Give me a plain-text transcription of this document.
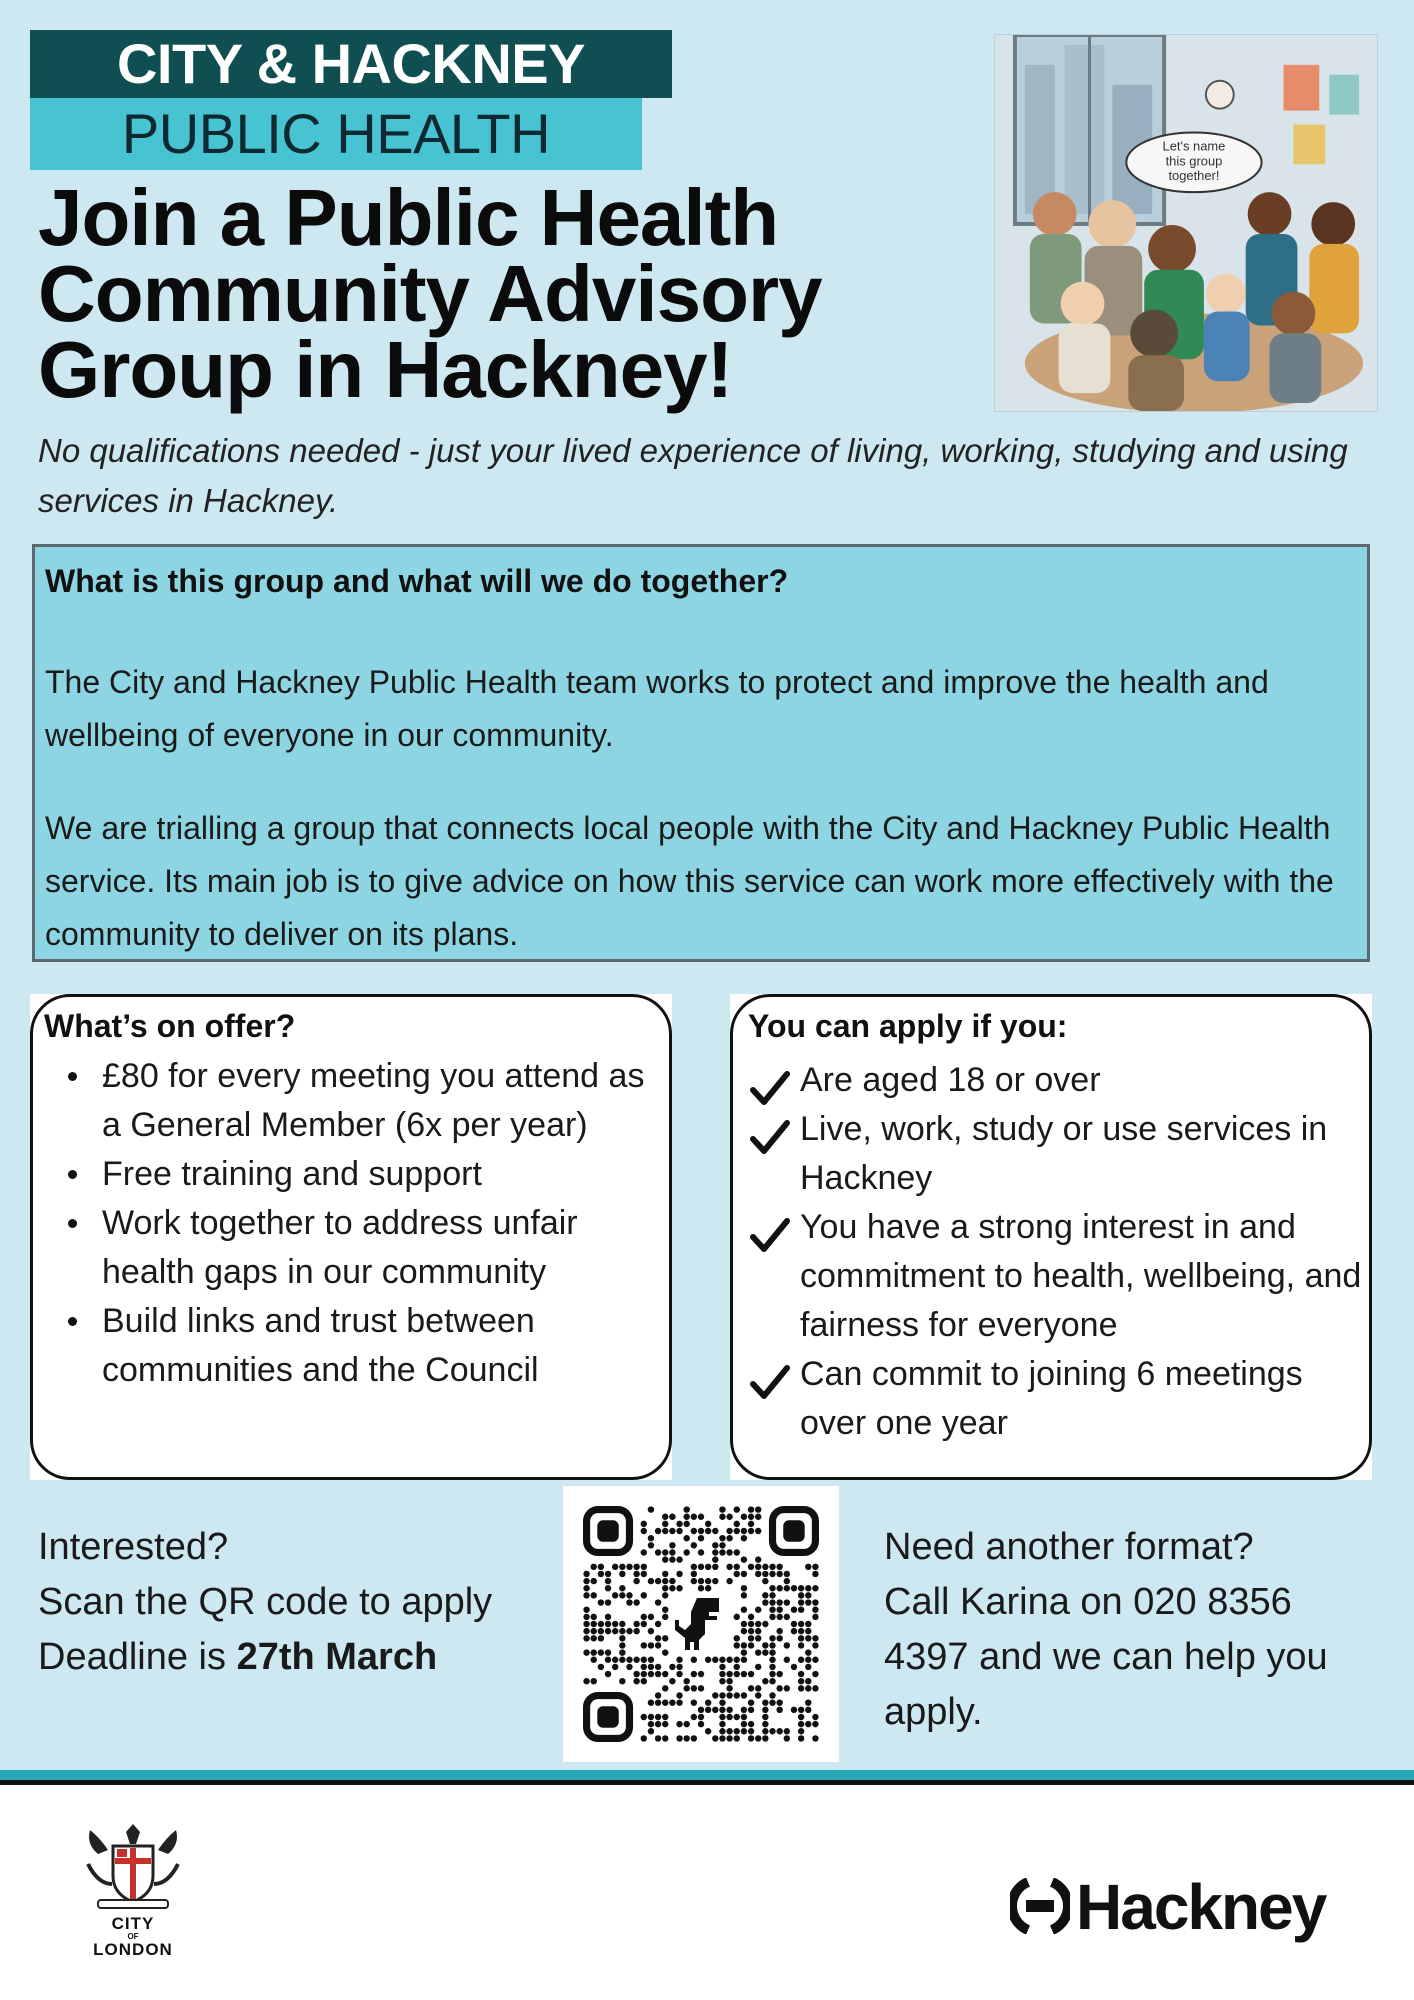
CITY & HACKNEY
PUBLIC HEALTH
Join a Public Health Community Advisory Group in Hackney!
Let's name
this group
together!

No qualifications needed - just your lived experience of living, working, studying and using services in Hackney.

What is this group and what will we do together?

The City and Hackney Public Health team works to protect and improve the health and wellbeing of everyone in our community.

We are trialling a group that connects local people with the City and Hackney Public Health service. Its main job is to give advice on how this service can work more effectively with the community to deliver on its plans.

What’s on offer?
£80 for every meeting you attend as a General Member (6x per year)
Free training and support
Work together to address unfair health gaps in our community
Build links and trust between communities and the Council
You can apply if you:
Are aged 18 or over
Live, work, study or use services in Hackney
You have a strong interest in and commitment to health, wellbeing, and fairness for everyone
Can commit to joining 6 meetings over one year
Interested?
Scan the QR code to apply
Deadline is 27th March
Need another format?
Call Karina on 020 8356 4397 and we can help you apply.
CITY
OF
LONDON
Hackney
